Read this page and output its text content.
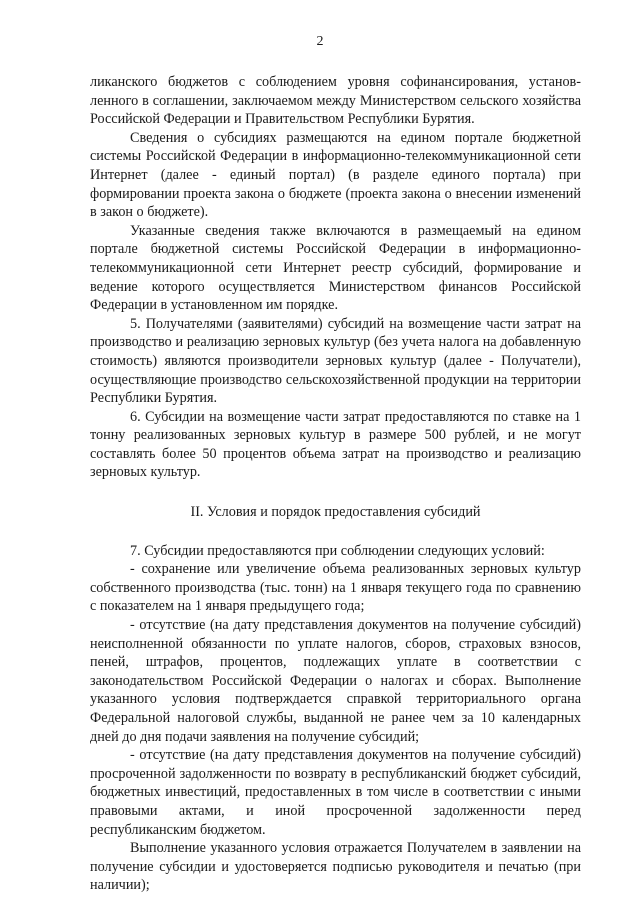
2

ликанского бюджетов с соблюдением уровня софинансирования, установленного в соглашении, заключаемом между Министерством сельского хозяйства Российской Федерации и Правительством Республики Бурятия.

Сведения о субсидиях размещаются на едином портале бюджетной системы Российской Федерации в информационно-телекоммуникационной сети Интернет (далее - единый портал) (в разделе единого портала) при формировании проекта закона о бюджете (проекта закона о внесении изменений в закон о бюджете).

Указанные сведения также включаются в размещаемый на едином портале бюджетной системы Российской Федерации в информационно-телекоммуникационной сети Интернет реестр субсидий, формирование и ведение которого осуществляется Министерством финансов Российской Федерации в установленном им порядке.

5. Получателями (заявителями) субсидий на возмещение части затрат на производство и реализацию зерновых культур (без учета налога на добавленную стоимость) являются производители зерновых культур (далее - Получатели), осуществляющие производство сельскохозяйственной продукции на территории Республики Бурятия.

6. Субсидии на возмещение части затрат предоставляются по ставке на 1 тонну реализованных зерновых культур в размере 500 рублей, и не могут составлять более 50 процентов объема затрат на производство и реализацию зерновых культур.

II. Условия и порядок предоставления субсидий

7. Субсидии предоставляются при соблюдении следующих условий:

- сохранение или увеличение объема реализованных зерновых культур собственного производства (тыс. тонн) на 1 января текущего года по сравнению с показателем на 1 января предыдущего года;

- отсутствие (на дату представления документов на получение субсидий) неисполненной обязанности по уплате налогов, сборов, страховых взносов, пеней, штрафов, процентов, подлежащих уплате в соответствии с законодательством Российской Федерации о налогах и сборах. Выполнение указанного условия подтверждается справкой территориального органа Федеральной налоговой службы, выданной не ранее чем за 10 календарных дней до дня подачи заявления на получение субсидий;

- отсутствие (на дату представления документов на получение субсидий) просроченной задолженности по возврату в республиканский бюджет субсидий, бюджетных инвестиций, предоставленных в том числе в соответствии с иными правовыми актами, и иной просроченной задолженности перед республиканским бюджетом.

Выполнение указанного условия отражается Получателем в заявлении на получение субсидии и удостоверяется подписью руководителя и печатью (при наличии);
